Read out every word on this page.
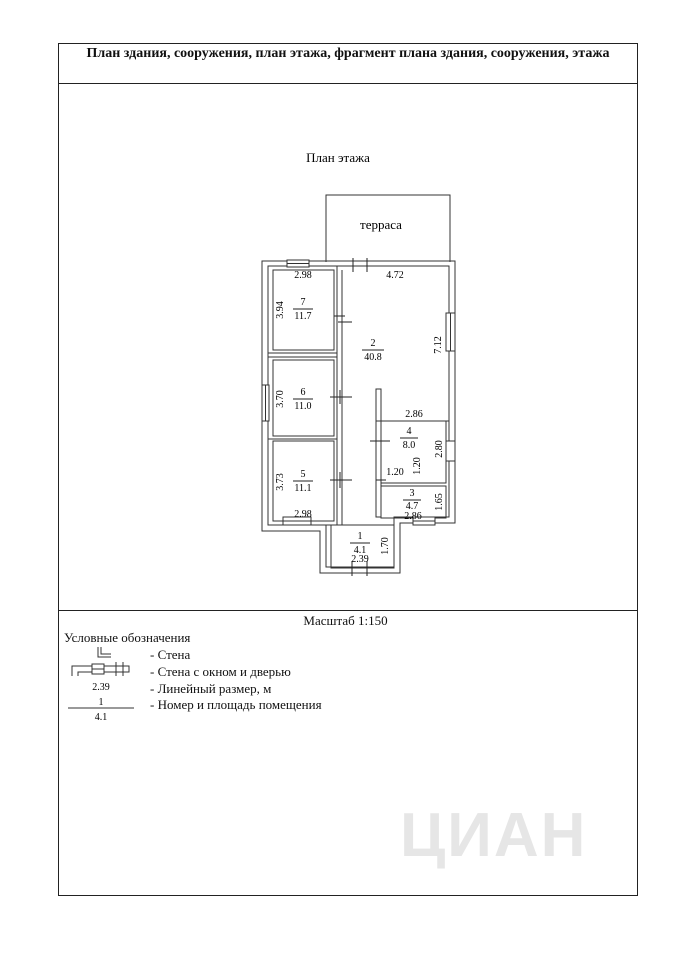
План здания, сооружения, план этажа, фрагмент плана здания, сооружения, этажа
терраса
План этажа
7
11.7
2
40.8
6
11.0
5
11.1
4
8.0
3
4.7
1
4.1
2.98	4.72
2.86
2.98
1.20
2.86
2.39
3.94
7.12
3.70
3.73
2.80
1.20
1.65
1.70
2.39
1
4.1
Масштаб 1:150
Условные обозначения
- Стена
- Стена с окном и дверью
- Линейный размер, м
- Номер и площадь помещения
ЦИАН
